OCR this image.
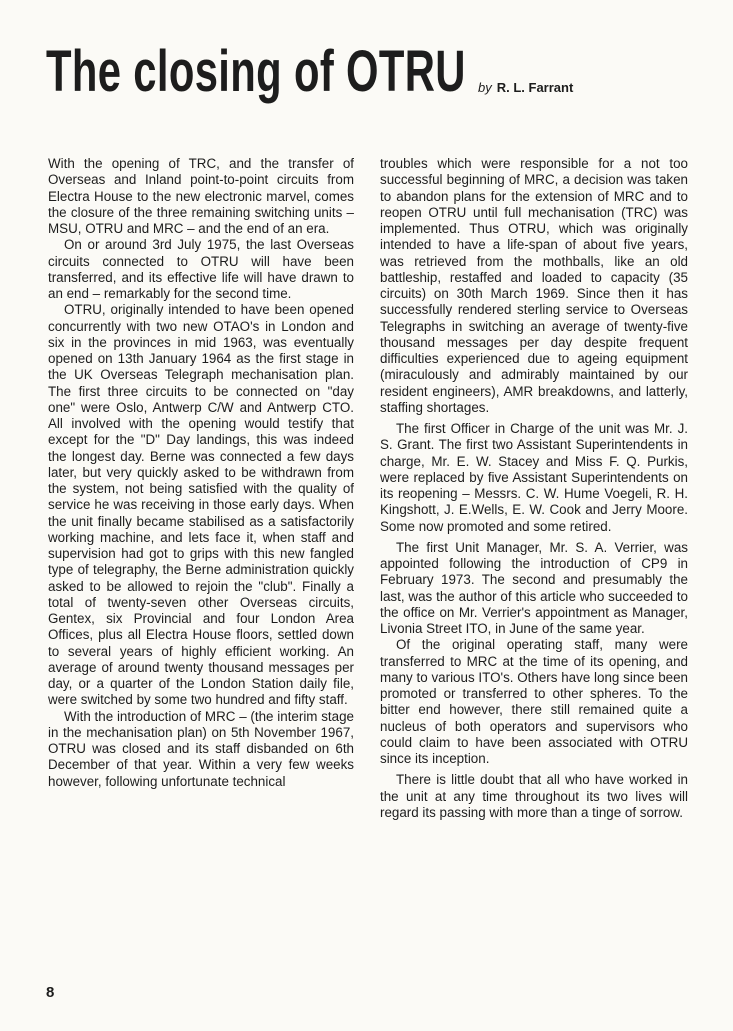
The closing of OTRU by R. L. Farrant

With the opening of TRC, and the transfer of Overseas and Inland point-to-point circuits from Electra House to the new electronic marvel, comes the closure of the three remaining switching units – MSU, OTRU and MRC – and the end of an era.

On or around 3rd July 1975, the last Overseas circuits connected to OTRU will have been transferred, and its effective life will have drawn to an end – remarkably for the second time.

OTRU, originally intended to have been opened concurrently with two new OTAO's in London and six in the provinces in mid 1963, was eventually opened on 13th January 1964 as the first stage in the UK Overseas Telegraph mechanisation plan. The first three circuits to be connected on "day one" were Oslo, Antwerp C/W and Antwerp CTO. All involved with the opening would testify that except for the "D" Day landings, this was indeed the longest day. Berne was connected a few days later, but very quickly asked to be withdrawn from the system, not being satisfied with the quality of service he was receiving in those early days. When the unit finally became stabilised as a satisfactorily working machine, and lets face it, when staff and supervision had got to grips with this new fangled type of telegraphy, the Berne administration quickly asked to be allowed to rejoin the "club". Finally a total of twenty-seven other Overseas circuits, Gentex, six Provincial and four London Area Offices, plus all Electra House floors, settled down to several years of highly efficient working. An average of around twenty thousand messages per day, or a quarter of the London Station daily file, were switched by some two hundred and fifty staff.

With the introduction of MRC – (the interim stage in the mechanisation plan) on 5th November 1967, OTRU was closed and its staff disbanded on 6th December of that year. Within a very few weeks however, following unfortunate technical

troubles which were responsible for a not too successful beginning of MRC, a decision was taken to abandon plans for the extension of MRC and to reopen OTRU until full mechanisation (TRC) was implemented. Thus OTRU, which was originally intended to have a life-span of about five years, was retrieved from the mothballs, like an old battleship, restaffed and loaded to capacity (35 circuits) on 30th March 1969. Since then it has successfully rendered sterling service to Overseas Telegraphs in switching an average of twenty-five thousand messages per day despite frequent difficulties experienced due to ageing equipment (miraculously and admirably maintained by our resident engineers), AMR breakdowns, and latterly, staffing shortages.

The first Officer in Charge of the unit was Mr. J. S. Grant. The first two Assistant Superintendents in charge, Mr. E. W. Stacey and Miss F. Q. Purkis, were replaced by five Assistant Superintendents on its reopening – Messrs. C. W. Hume Voegeli, R. H. Kingshott, J. E.Wells, E. W. Cook and Jerry Moore. Some now promoted and some retired.

The first Unit Manager, Mr. S. A. Verrier, was appointed following the introduction of CP9 in February 1973. The second and presumably the last, was the author of this article who succeeded to the office on Mr. Verrier's appointment as Manager, Livonia Street ITO, in June of the same year.

Of the original operating staff, many were transferred to MRC at the time of its opening, and many to various ITO's. Others have long since been promoted or transferred to other spheres. To the bitter end however, there still remained quite a nucleus of both operators and supervisors who could claim to have been associated with OTRU since its inception.

There is little doubt that all who have worked in the unit at any time throughout its two lives will regard its passing with more than a tinge of sorrow.

8
